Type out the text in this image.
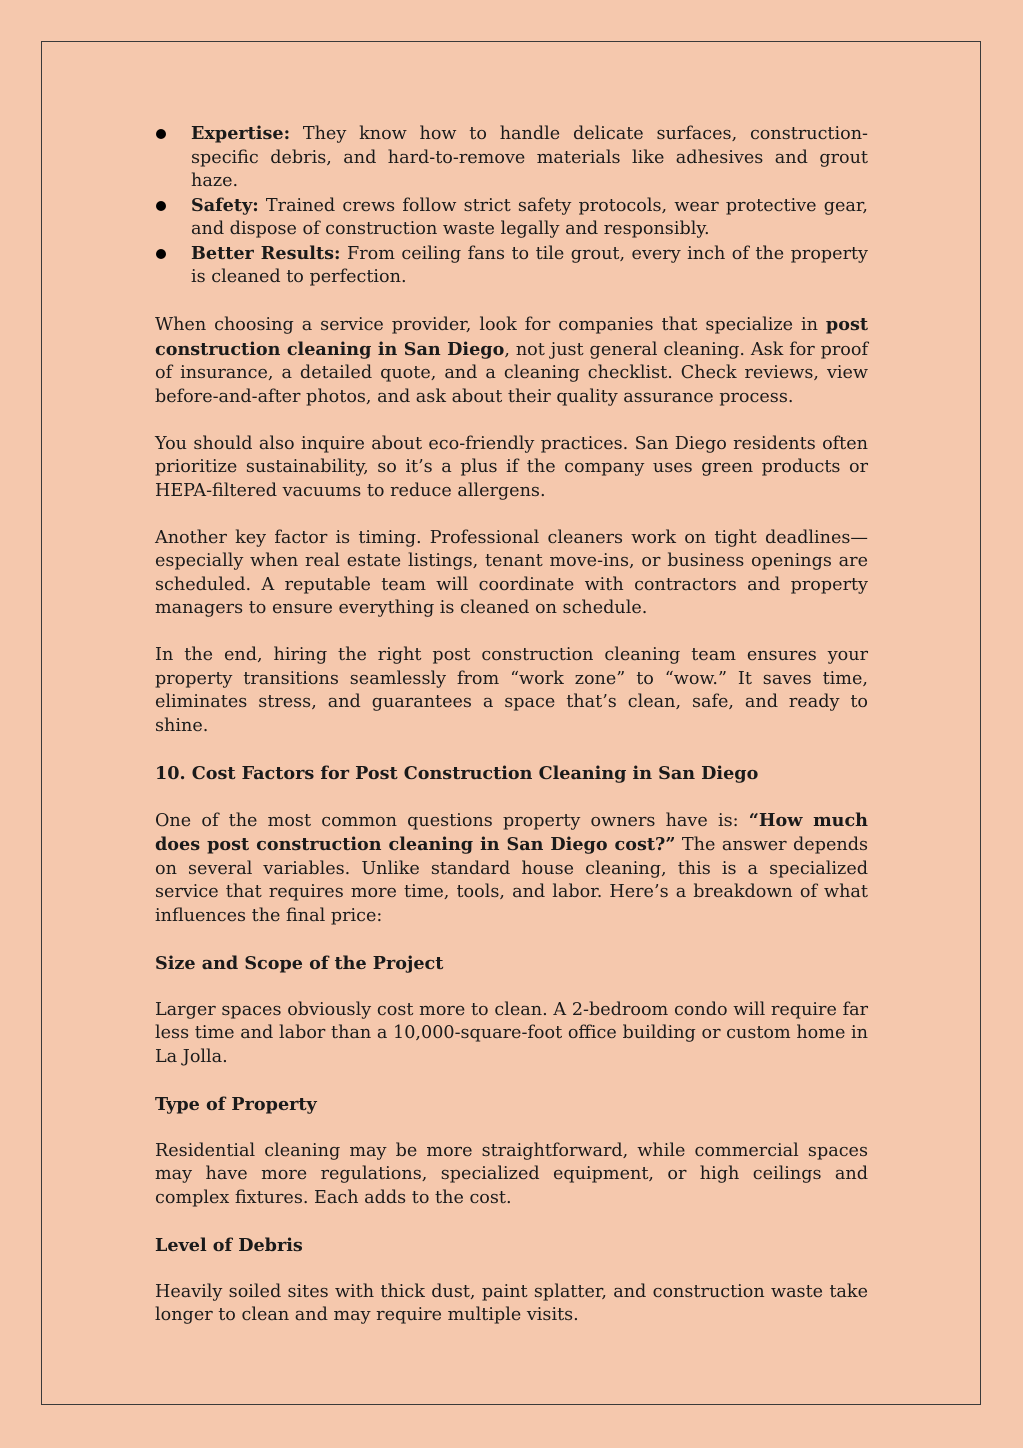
Expertise: They know how to handle delicate surfaces, construction-specific debris, and hard-to-remove materials like adhesives and grout haze.
Safety: Trained crews follow strict safety protocols, wear protective gear, and dispose of construction waste legally and responsibly.
Better Results: From ceiling fans to tile grout, every inch of the property is cleaned to perfection.

When choosing a service provider, look for companies that specialize in post construction cleaning in San Diego, not just general cleaning. Ask for proof of insurance, a detailed quote, and a cleaning checklist. Check reviews, view before-and-after photos, and ask about their quality assurance process.

You should also inquire about eco-friendly practices. San Diego residents often prioritize sustainability, so it’s a plus if the company uses green products or HEPA-filtered vacuums to reduce allergens.

Another key factor is timing. Professional cleaners work on tight deadlines—especially when real estate listings, tenant move-ins, or business openings are scheduled. A reputable team will coordinate with contractors and property managers to ensure everything is cleaned on schedule.

In the end, hiring the right post construction cleaning team ensures your property transitions seamlessly from “work zone” to “wow.” It saves time, eliminates stress, and guarantees a space that’s clean, safe, and ready to shine.

10. Cost Factors for Post Construction Cleaning in San Diego

One of the most common questions property owners have is: “How much does post construction cleaning in San Diego cost?” The answer depends on several variables. Unlike standard house cleaning, this is a specialized service that requires more time, tools, and labor. Here’s a breakdown of what influences the final price:

Size and Scope of the Project

Larger spaces obviously cost more to clean. A 2-bedroom condo will require far less time and labor than a 10,000-square-foot office building or custom home in La Jolla.

Type of Property

Residential cleaning may be more straightforward, while commercial spaces may have more regulations, specialized equipment, or high ceilings and complex fixtures. Each adds to the cost.

Level of Debris

Heavily soiled sites with thick dust, paint splatter, and construction waste take longer to clean and may require multiple visits.
